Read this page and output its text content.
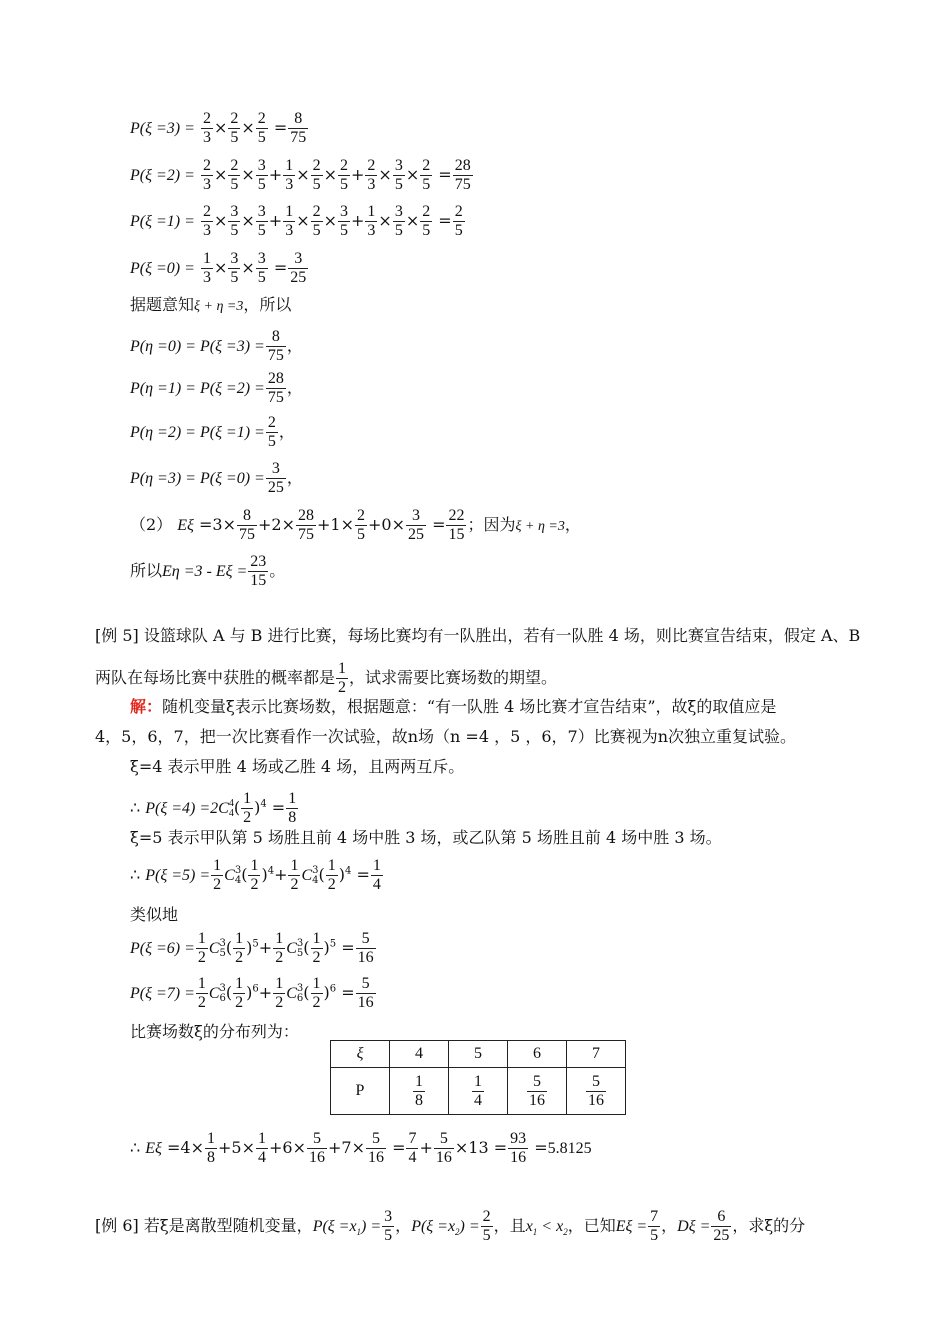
$P(\xi =3) = \frac{2}{3} \times \frac{2}{5} \times \frac{2}{5} = \frac{8}{75}$
$P(\xi =2) = \frac{2}{3} \times \frac{2}{5} \times \frac{3}{5} + \frac{1}{3} \times \frac{2}{5} \times \frac{2}{5} + \frac{2}{3} \times \frac{3}{5} \times \frac{2}{5} = \frac{28}{75}$
$P(\xi =1) = \frac{2}{3} \times \frac{3}{5} \times \frac{3}{5} + \frac{1}{3} \times \frac{2}{5} \times \frac{3}{5} + \frac{1}{3} \times \frac{3}{5} \times \frac{2}{5} = \frac{2}{5}$
$P(\xi =0) = \frac{1}{3} \times \frac{3}{5} \times \frac{3}{5} = \frac{3}{25}$
据题意知ξ + η =3，所以
$P(\eta =0) = P(\xi =3) = \frac{8}{75}$ ，
$P(\eta =1) = P(\xi =2) = \frac{28}{75}$ ，
$P(\eta =2) = P(\xi =1) = \frac{2}{5}$ ，
$P(\eta =3) = P(\xi =0) = \frac{3}{25}$ ，
（2） $E\xi =3\times \frac{8}{75} +2\times \frac{28}{75} +1\times \frac{2}{5} +0\times \frac{3}{25} = \frac{22}{15}$ ；因为ξ + η =3，
所以$E\eta =3 - E\xi = \frac{23}{15}$ 。
[例 5] 设篮球队 A 与 B 进行比赛，每场比赛均有一队胜出，若有一队胜 4 场，则比赛宣告结束，假定 A、B
两队在每场比赛中获胜的概率都是 $\frac{1}{2}$ ，试求需要比赛场数的期望。
解：随机变量ξ表示比赛场数，根据题意：“有一队胜 4 场比赛才宣告结束”，故ξ的取值应是
4，5，6，7，把一次比赛看作一次试验，故n场（n =4 ，5 ，6，7）比赛视为n次独立重复试验。
ξ=4 表示甲胜 4 场或乙胜 4 场，且两两互斥。
∴ P(ξ =4) =2C 4
4 ( $\frac{1}{2} )^4 = \frac{1}{8}$
ξ=5 表示甲队第 5 场胜且前 4 场中胜 3 场，或乙队第 5 场胜且前 4 场中胜 3 场。
∴ $P(\xi =5) = \frac{1}{2}$ C 3
4 ( $\frac{1}{2} )^4+ \frac{1}{2}$ C 3
4 ( $\frac{1}{2} )^4 = \frac{1}{4}$
类似地
$P(\xi =6) = \frac{1}{2}$ C 3
5 ( $\frac{1}{2} )^5+ \frac{1}{2}$ C 3
5 ( $\frac{1}{2} )^5 = \frac{5}{16}$
$P(\xi =7) = \frac{1}{2}$ C 3
6 ( $\frac{1}{2} )^6+ \frac{1}{2}$ C 3
6 ( $\frac{1}{2} )^6 = \frac{5}{16}$
比赛场数ξ的分布列为：
ξ	4	5	6	7
P	$\frac{1}{8}$	$\frac{1}{4}$	$\frac{5}{16}$	$\frac{5}{16}$
∴ $E\xi =4\times \frac{1}{8} +5\times \frac{1}{4} +6\times \frac{5}{16} +7\times \frac{5}{16} = \frac{7}{4} + \frac{5}{16} \times 13 = \frac{93}{16} =5.8125$
[例 6] 若ξ是离散型随机变量，$P(\xi =x_1) = \frac{3}{5}$ ，$P(\xi =x_2) = \frac{2}{5}$ ，且$x_1 < x_2$，已知$E\xi = \frac{7}{5}$ ，$D\xi = \frac{6}{25}$ ，求ξ的分
